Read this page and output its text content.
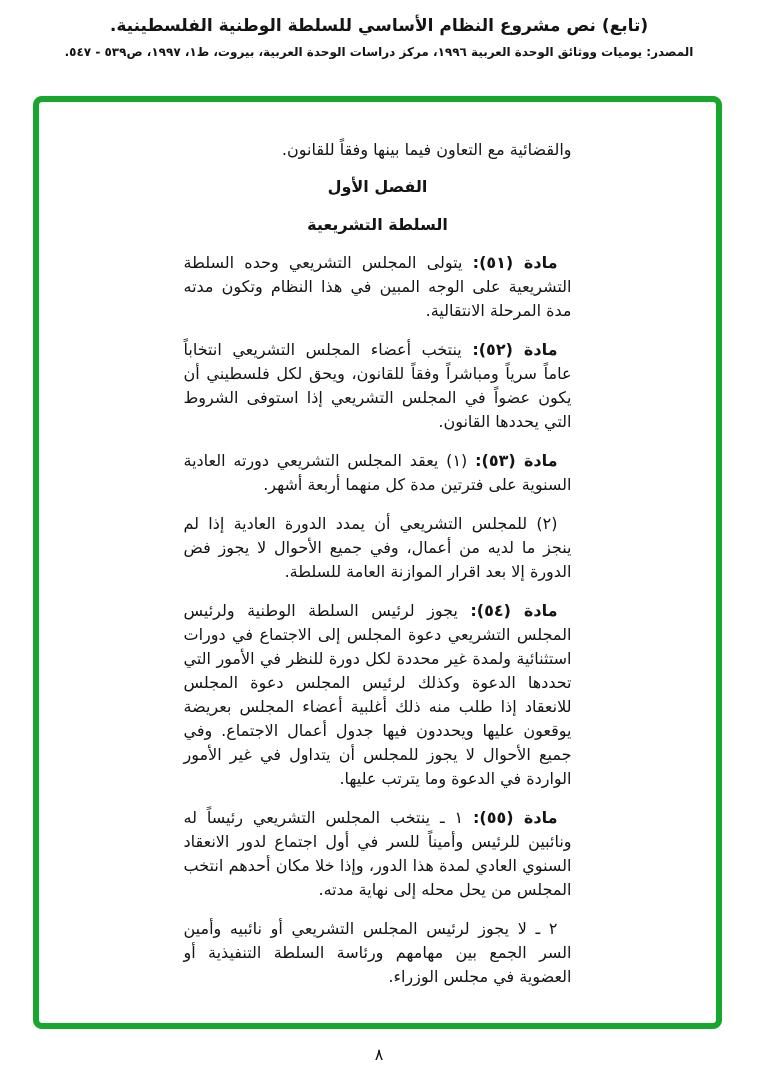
(تابع) نص مشروع النظام الأساسي للسلطة الوطنية الفلسطينية.
المصدر: يوميات ووثائق الوحدة العربية ١٩٩٦، مركز دراسات الوحدة العربية، بيروت، ط١، ١٩٩٧، ص٥٣٩ - ٥٤٧.

والقضائية مع التعاون فيما بينها وفقاً للقانون.

الفصل الأول
السلطة التشريعية

مادة (٥١): يتولى المجلس التشريعي وحده السلطة التشريعية على الوجه المبين في هذا النظام وتكون مدته مدة المرحلة الانتقالية.

مادة (٥٢): ينتخب أعضاء المجلس التشريعي انتخاباً عاماً سرياً ومباشراً وفقاً للقانون، ويحق لكل فلسطيني أن يكون عضواً في المجلس التشريعي إذا استوفى الشروط التي يحددها القانون.

مادة (٥٣): (١) يعقد المجلس التشريعي دورته العادية السنوية على فترتين مدة كل منهما أربعة أشهر.

(٢) للمجلس التشريعي أن يمدد الدورة العادية إذا لم ينجز ما لديه من أعمال، وفي جميع الأحوال لا يجوز فض الدورة إلا بعد اقرار الموازنة العامة للسلطة.

مادة (٥٤): يجوز لرئيس السلطة الوطنية ولرئيس المجلس التشريعي دعوة المجلس إلى الاجتماع في دورات استثنائية ولمدة غير محددة لكل دورة للنظر في الأمور التي تحددها الدعوة وكذلك لرئيس المجلس دعوة المجلس للانعقاد إذا طلب منه ذلك أغلبية أعضاء المجلس بعريضة يوقعون عليها ويحددون فيها جدول أعمال الاجتماع. وفي جميع الأحوال لا يجوز للمجلس أن يتداول في غير الأمور الواردة في الدعوة وما يترتب عليها.

مادة (٥٥): ١ ـ ينتخب المجلس التشريعي رئيساً له ونائبين للرئيس وأميناً للسر في أول اجتماع لدور الانعقاد السنوي العادي لمدة هذا الدور، وإذا خلا مكان أحدهم انتخب المجلس من يحل محله إلى نهاية مدته.

٢ ـ لا يجوز لرئيس المجلس التشريعي أو نائبيه وأمين السر الجمع بين مهامهم ورئاسة السلطة التنفيذية أو العضوية في مجلس الوزراء.

٨
